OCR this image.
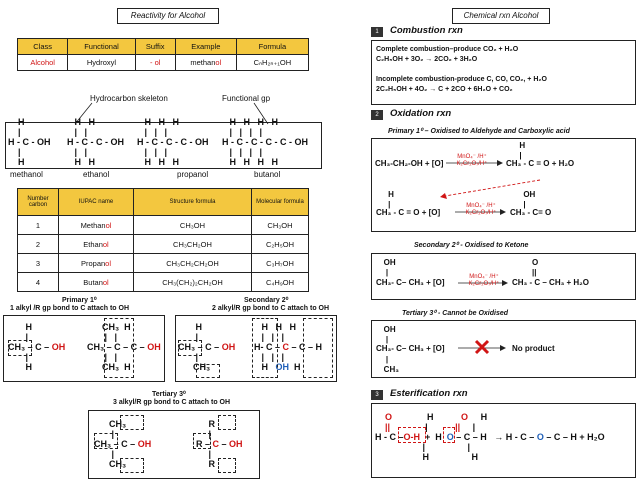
Reactivity for Alcohol
Class	Functional	Suffix	Example	Formula
Alcohol	Hydroxyl	- ol	methanol	CₙH₂ₙ₊₁OH
Hydrocarbon skeleton	Functional gp
H
|
H - C - OH
|
H
H   H
|   |
H - C - C - OH
|   |
H   H
H   H   H
|   |   |
H - C - C - C - OH
|   |   |
H   H   H
H   H   H   H
|   |   |   |
H - C - C - C - C - OH
|   |   |   |
H   H   H   H
methanol	ethanol	propanol	butanol
Number carbon	IUPAC name	Structure formula	Molecular formula
1	Methanol	CH₃OH	CH₃OH
2	Ethanol	CH₃CH₂OH	C₂H₅OH
3	Propanol	CH₃CH₂CH₂OH	C₃H₇OH
4	Butanol	CH₃(CH₂)₂CH₂OH	C₄H₉OH
Primary 1⁰
1 alkyl /R gp bond to C attach to OH
Secondary 2⁰
2 alkyl/R gp bond to C attach to OH
H
|
CH₃ – C – OH
|
H
CH₃  H
|   |
CH₃ – C – C – OH
|   |
CH₃  H
H
|
CH₃ – C – OH
|
CH₃
H   H   H
|   |   |
H- C – C – C – H
|   |   |
H   OH  H
Tertiary 3⁰
3 alkyl/R gp bond to C attach to OH
CH₃
|
CH₃ – C – OH
|
CH₃
R
|
R – C – OH
|
R
Chemical rxn Alcohol
1	Combustion rxn
Complete combustion–produce CO₂ + H₂O
C₂H₅OH + 3O₂ → 2CO₂ + 3H₂O
Incomplete combustion-produce C, CO, CO₂, + H₂O
2C₂H₅OH + 4O₂ → C + 2CO + 6H₂O + CO₂
2	Oxidation rxn
Primary 1⁰ – Oxidised to Aldehyde and Carboxylic acid
CH₃-CH₂-OH + [O]
MnO₄⁻ /H⁺
K₂Cr₂O₇/H⁺
H
|
CH₃ - C = O + H₂O
H
|
CH₃ - C = O + [O]
MnO₄⁻ /H⁺
K₂Cr₂O₇/H⁺
OH
|
CH₃ - C= O
Secondary 2⁰ - Oxidised to Ketone
OH
|
CH₃- C– CH₃ + [O]
MnO₄⁻ /H⁺
K₂Cr₂O₇/H⁺
O
||
CH₃ - C – CH₃ + H₂O
Tertiary 3⁰ - Cannot be Oxidised
OH
|
CH₃- C– CH₃ + [O]
|
CH₃
No product
3	Esterification rxn
O              H           O     H
||              |           ||     |
H - C –O-H  +  H  O – C – H   → H - C – O – C – H + H₂O
|                 |
H                 H
